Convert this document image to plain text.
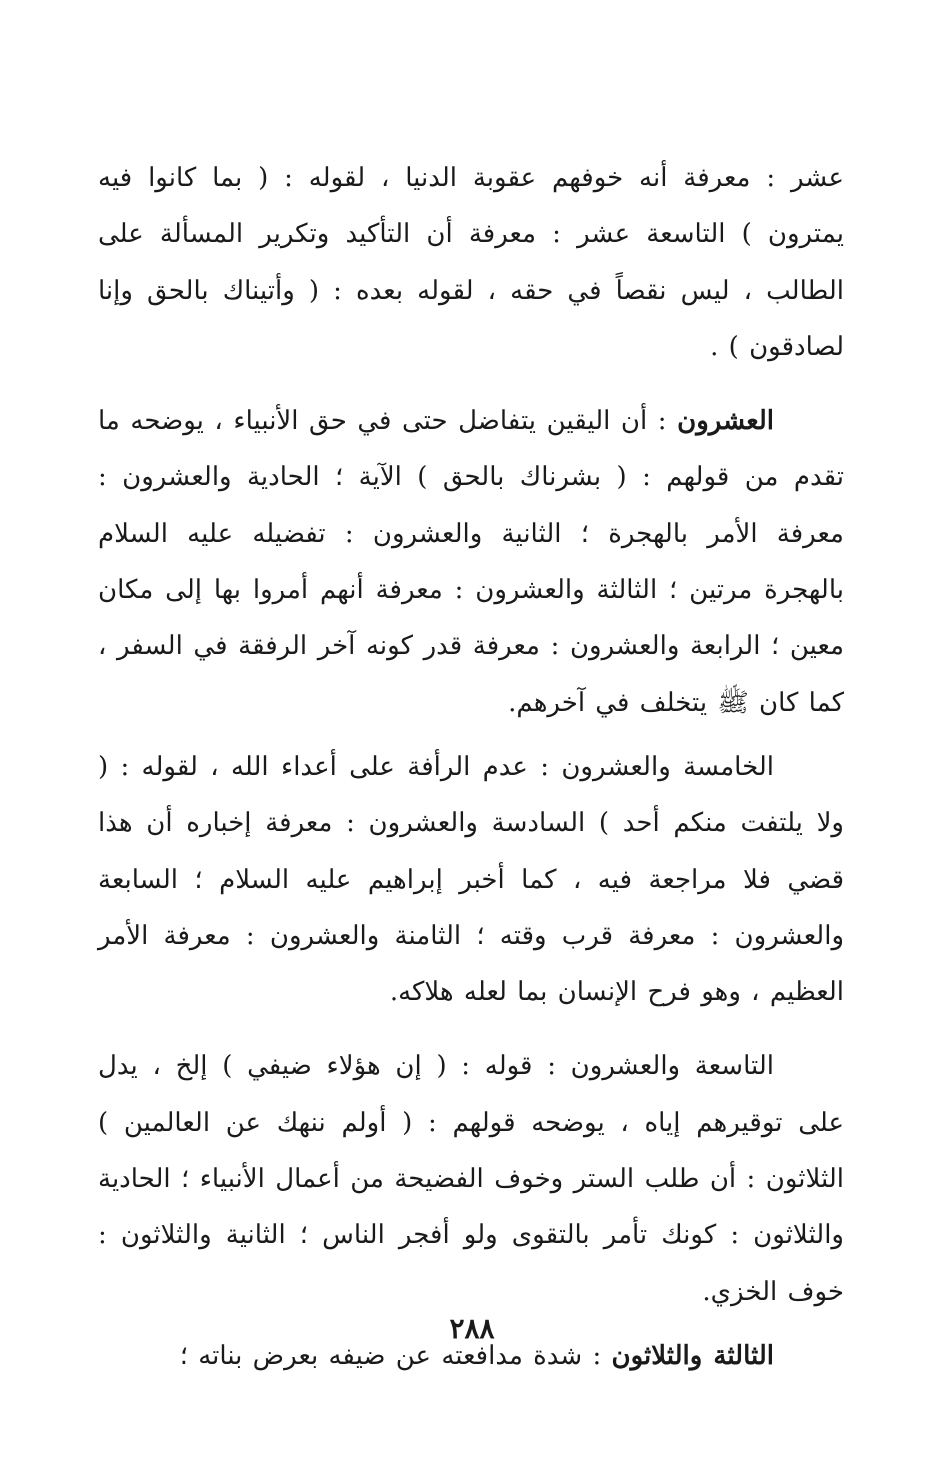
عشر : معرفة أنه خوفهم عقوبة الدنيا ، لقوله : ( بما كانوا فيه يمترون ) التاسعة عشر : معرفة أن التأكيد وتكرير المسألة على الطالب ، ليس نقصاً في حقه ، لقوله بعده : ( وأتيناك بالحق وإنا لصادقون ) .

العشرون : أن اليقين يتفاضل حتى في حق الأنبياء ، يوضحه ما تقدم من قولهم : ( بشرناك بالحق ) الآية ؛ الحادية والعشرون : معرفة الأمر بالهجرة ؛ الثانية والعشرون : تفضيله عليه السلام بالهجرة مرتين ؛ الثالثة والعشرون : معرفة أنهم أمروا بها إلى مكان معين ؛ الرابعة والعشرون : معرفة قدر كونه آخر الرفقة في السفر ، كما كان ﷺ يتخلف في آخرهم.

الخامسة والعشرون : عدم الرأفة على أعداء الله ، لقوله : ( ولا يلتفت منكم أحد ) السادسة والعشرون : معرفة إخباره أن هذا قضي فلا مراجعة فيه ، كما أخبر إبراهيم عليه السلام ؛ السابعة والعشرون : معرفة قرب وقته ؛ الثامنة والعشرون : معرفة الأمر العظيم ، وهو فرح الإنسان بما لعله هلاكه.

التاسعة والعشرون : قوله : ( إن هؤلاء ضيفي ) إلخ ، يدل على توقيرهم إياه ، يوضحه قولهم : ( أولم ننهك عن العالمين ) الثلاثون : أن طلب الستر وخوف الفضيحة من أعمال الأنبياء ؛ الحادية والثلاثون : كونك تأمر بالتقوى ولو أفجر الناس ؛ الثانية والثلاثون : خوف الخزي.

الثالثة والثلاثون : شدة مدافعته عن ضيفه بعرض بناته ؛

٢٨٨
